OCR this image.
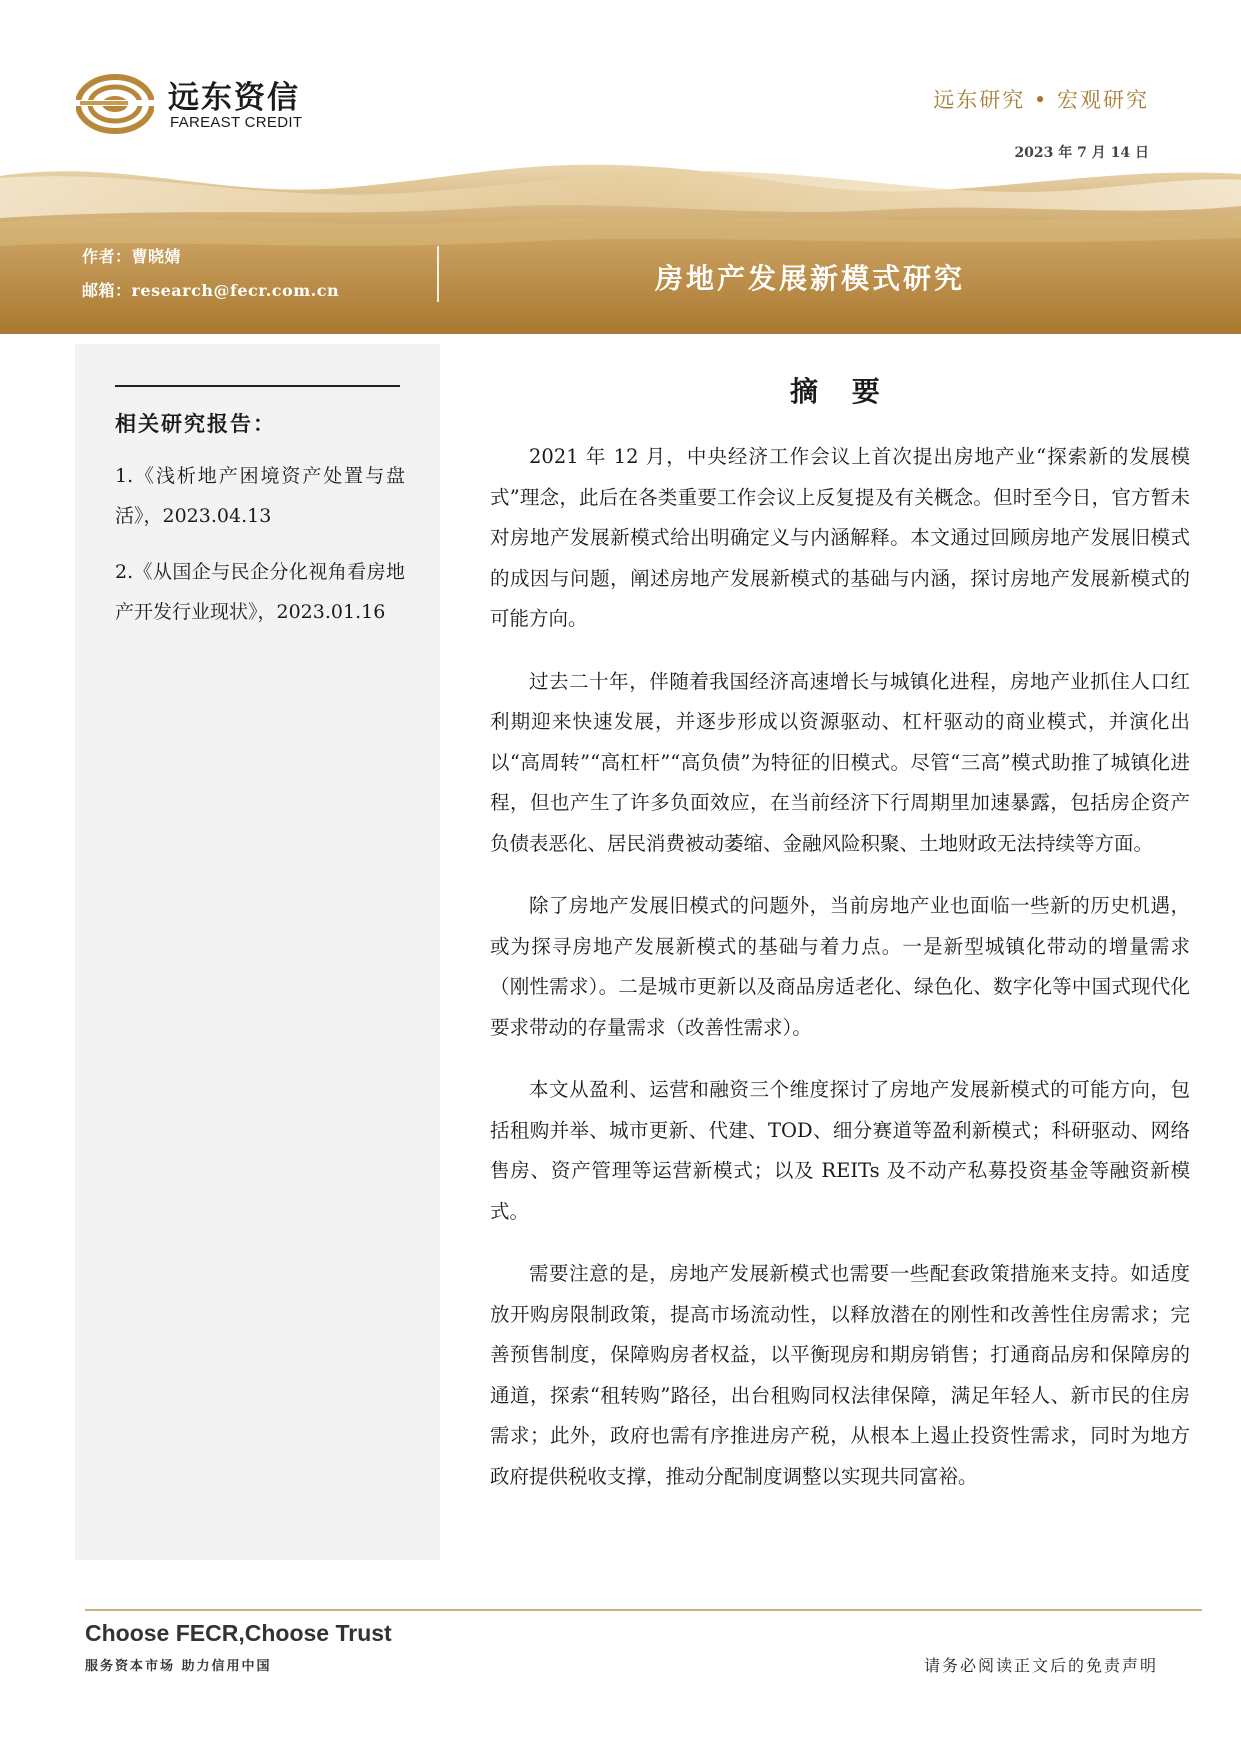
远东资信
FAREAST CREDIT
远东研究 • 宏观研究
2023 年 7 月 14 日
作者：曹晓婧
邮箱：research@fecr.com.cn	房地产发展新模式研究
相关研究报告：
1.《浅析地产困境资产处置与盘活》，2023.04.13
2.《从国企与民企分化视角看房地产开发行业现状》，2023.01.16
摘 要

2021 年 12 月，中央经济工作会议上首次提出房地产业“探索新的发展模式”理念，此后在各类重要工作会议上反复提及有关概念。但时至今日，官方暂未对房地产发展新模式给出明确定义与内涵解释。本文通过回顾房地产发展旧模式的成因与问题，阐述房地产发展新模式的基础与内涵，探讨房地产发展新模式的可能方向。

过去二十年，伴随着我国经济高速增长与城镇化进程，房地产业抓住人口红利期迎来快速发展，并逐步形成以资源驱动、杠杆驱动的商业模式，并演化出以“高周转”“高杠杆”“高负债”为特征的旧模式。尽管“三高”模式助推了城镇化进程，但也产生了许多负面效应，在当前经济下行周期里加速暴露，包括房企资产负债表恶化、居民消费被动萎缩、金融风险积聚、土地财政无法持续等方面。

除了房地产发展旧模式的问题外，当前房地产业也面临一些新的历史机遇，或为探寻房地产发展新模式的基础与着力点。一是新型城镇化带动的增量需求（刚性需求）。二是城市更新以及商品房适老化、绿色化、数字化等中国式现代化要求带动的存量需求（改善性需求）。

本文从盈利、运营和融资三个维度探讨了房地产发展新模式的可能方向，包括租购并举、城市更新、代建、TOD、细分赛道等盈利新模式；科研驱动、网络售房、资产管理等运营新模式；以及 REITs 及不动产私募投资基金等融资新模式。

需要注意的是，房地产发展新模式也需要一些配套政策措施来支持。如适度放开购房限制政策，提高市场流动性，以释放潜在的刚性和改善性住房需求；完善预售制度，保障购房者权益，以平衡现房和期房销售；打通商品房和保障房的通道，探索“租转购”路径，出台租购同权法律保障，满足年轻人、新市民的住房需求；此外，政府也需有序推进房产税，从根本上遏止投资性需求，同时为地方政府提供税收支撑，推动分配制度调整以实现共同富裕。

Choose FECR,Choose Trust
服务资本市场 助力信用中国	请务必阅读正文后的免责声明
